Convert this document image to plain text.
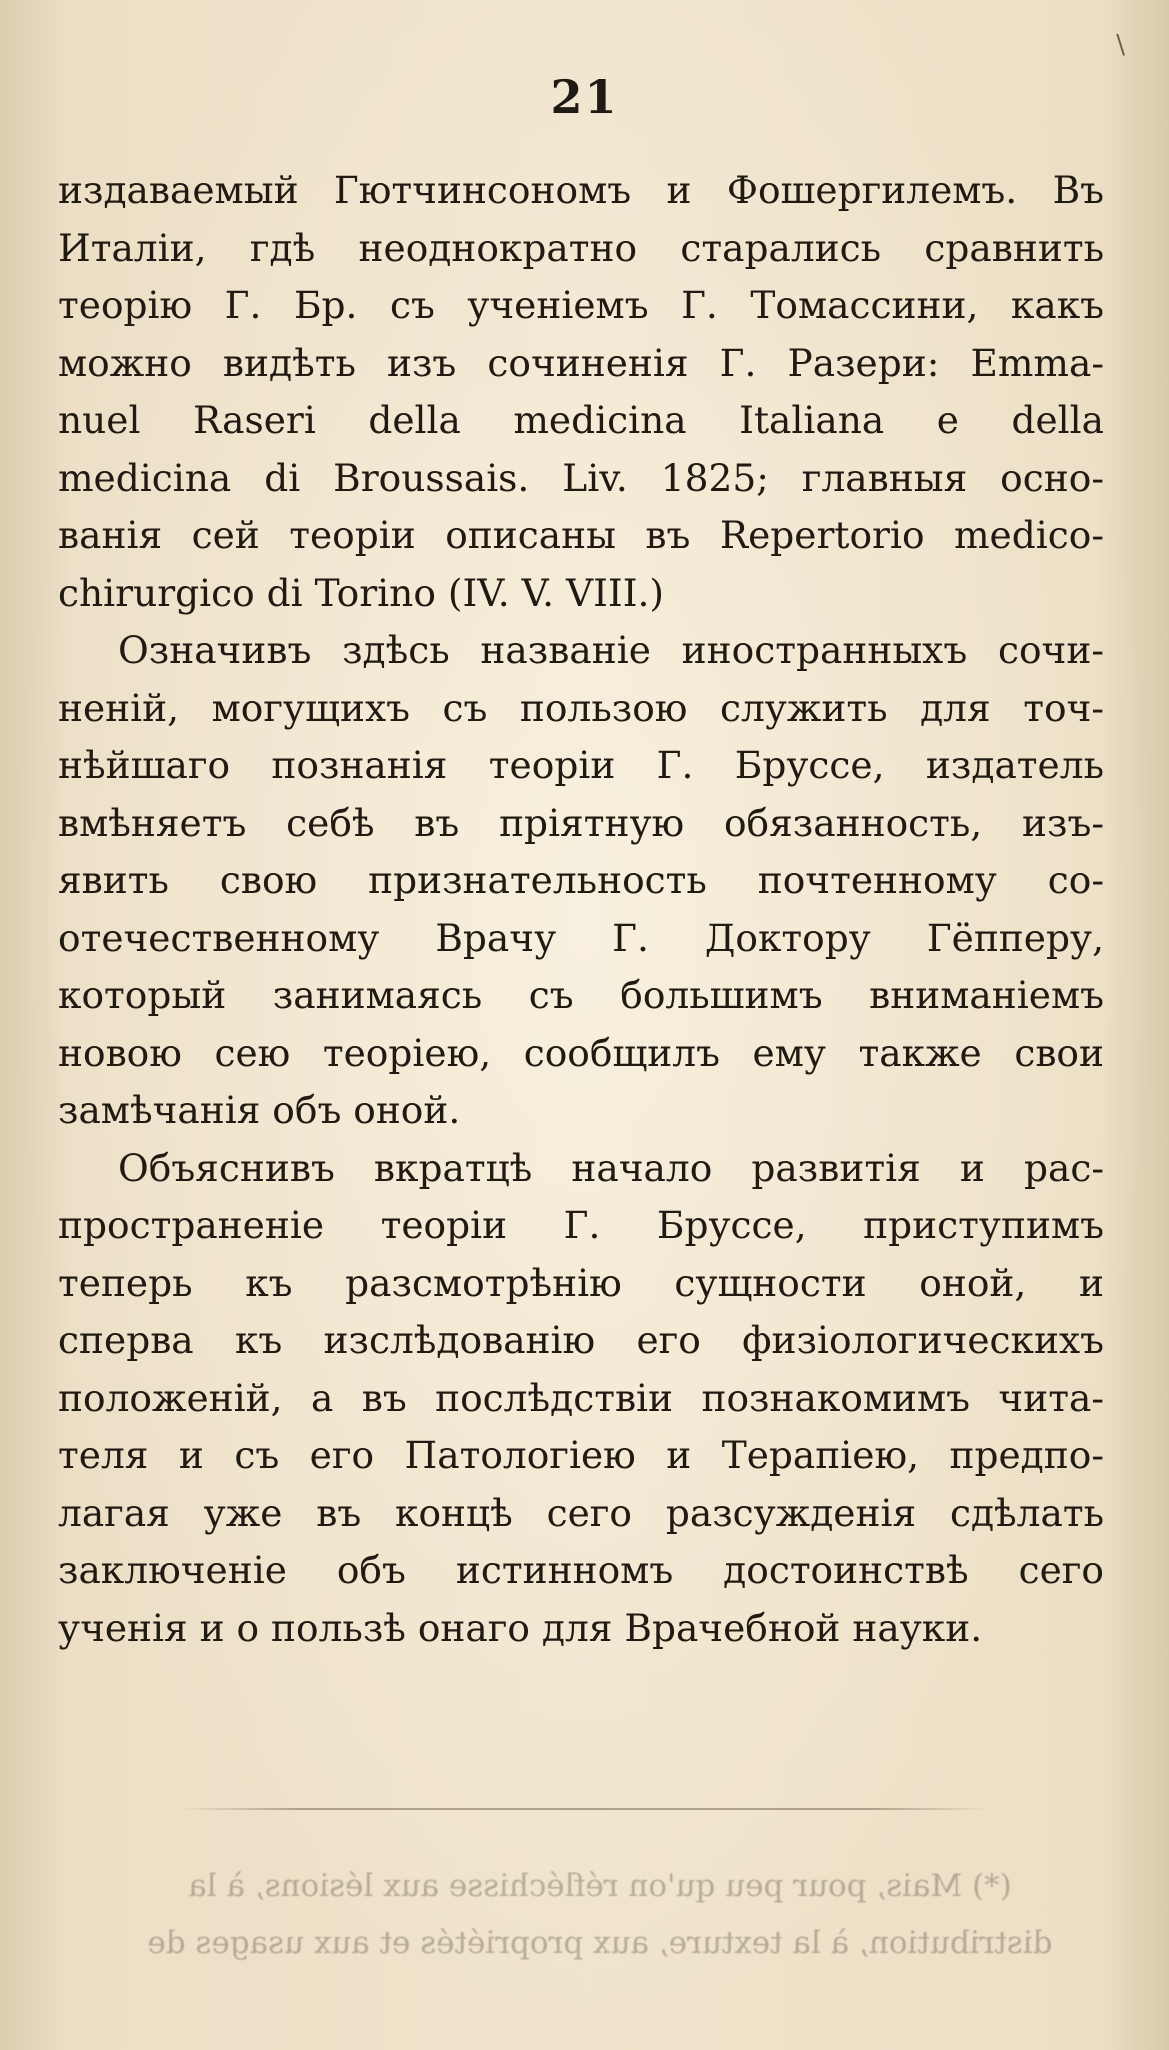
\
21
издаваемый Гютчинсономъ и Фошергилемъ. Въ
Италіи, гдѣ неоднократно старались сравнить
теорію Г. Бр. съ ученіемъ Г. Томассини, какъ
можно видѣть изъ сочиненія Г. Разери: Emma-
nuel Raseri della medicina Italiana e della
medicina di Broussais. Liv. 1825; главныя осно-
ванія сей теоріи описаны въ Repertorio medico-
chirurgico di Torino (IV. V. VIII.)
Означивъ здѣсь названіе иностранныхъ сочи-
неній, могущихъ съ пользою служить для точ-
нѣйшаго познанія теоріи Г. Бруссе, издатель
вмѣняетъ себѣ въ пріятную обязанность, изъ-
явить свою признательность почтенному со-
отечественному Врачу Г. Доктору Гёпперу,
который занимаясь съ большимъ вниманіемъ
новою сею теоріею, сообщилъ ему также свои
замѣчанія объ оной.
Объяснивъ вкратцѣ начало развитія и рас-
пространеніе теоріи Г. Бруссе, приступимъ
теперь къ разсмотрѣнію сущности оной, и
сперва къ изслѣдованію его физіологическихъ
положеній, а въ послѣдствіи познакомимъ чита-
теля и съ его Патологіею и Терапіею, предпо-
лагая уже въ концѣ сего разсужденія сдѣлать
заключеніе объ истинномъ достоинствѣ сего
ученія и о пользѣ онаго для Врачебной науки.
(*) Mais, pour peu qu'on réfléchisse aux lésions, à la
distribution, à la texture, aux propriétés et aux usages de
